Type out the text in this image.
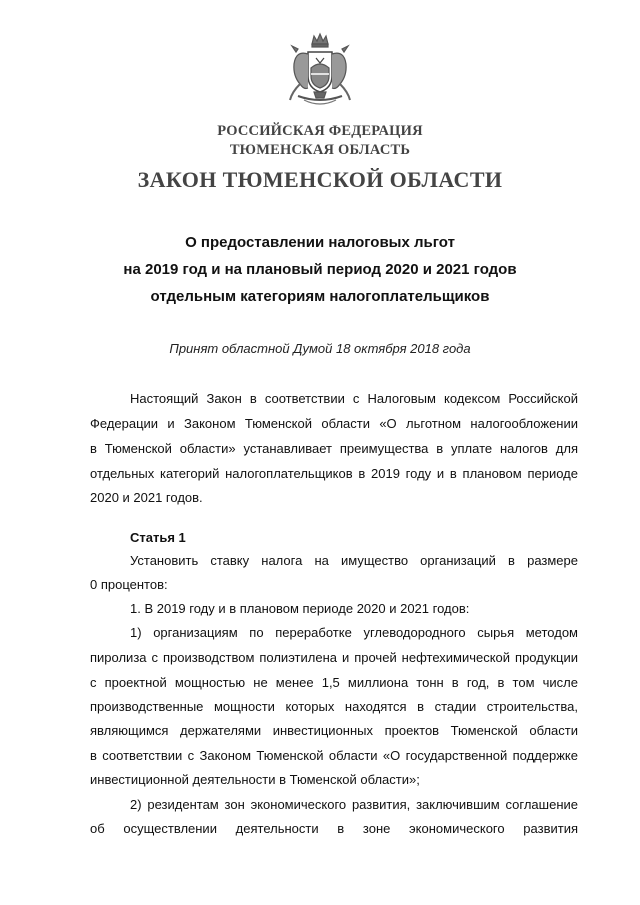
РОССИЙСКАЯ ФЕДЕРАЦИЯ
ТЮМЕНСКАЯ ОБЛАСТЬ
ЗАКОН ТЮМЕНСКОЙ ОБЛАСТИ
О предоставлении налоговых льгот
на 2019 год и на плановый период 2020 и 2021 годов
отдельным категориям налогоплательщиков
Принят областной Думой 18 октября 2018 года
Настоящий Закон в соответствии с Налоговым кодексом Российской
Федерации и Законом Тюменской области «О льготном налогообложении
в Тюменской области» устанавливает преимущества в уплате налогов для
отдельных категорий налогоплательщиков в 2019 году и в плановом периоде
2020 и 2021 годов.
Статья 1
Установить ставку налога на имущество организаций в размере
0 процентов:
1. В 2019 году и в плановом периоде 2020 и 2021 годов:
1) организациям по переработке углеводородного сырья методом
пиролиза с производством полиэтилена и прочей нефтехимической продукции
с проектной мощностью не менее 1,5 миллиона тонн в год, в том числе
производственные мощности которых находятся в стадии строительства,
являющимся держателями инвестиционных проектов Тюменской области
в соответствии с Законом Тюменской области «О государственной поддержке
инвестиционной деятельности в Тюменской области»;
2) резидентам зон экономического развития, заключившим соглашение
об осуществлении деятельности в зоне экономического развития
